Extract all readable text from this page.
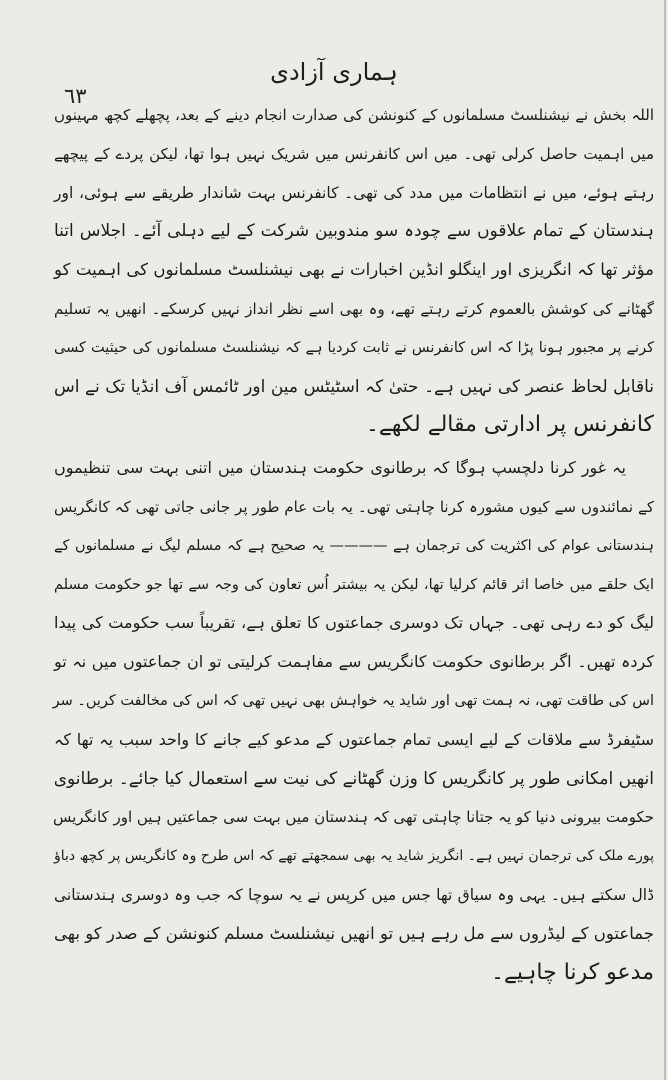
٦٣
ہماری آزادی
اللہ بخش نے نیشنلسٹ مسلمانوں کے کنونشن کی صدارت انجام دینے کے بعد، پچھلے کچھ مہینوں
میں اہمیت حاصل کرلی تھی۔ میں اس کانفرنس میں شریک نہیں ہوا تھا، لیکن پردے کے پیچھے
رہتے ہوئے، میں نے انتظامات میں مدد کی تھی۔ کانفرنس بہت شاندار طریقے سے ہوئی، اور
ہندستان کے تمام علاقوں سے چودہ سو مندوبین شرکت کے لیے دہلی آئے۔ اجلاس اتنا
مؤثر تھا کہ انگریزی اور اینگلو انڈین اخبارات نے بھی نیشنلسٹ مسلمانوں کی اہمیت کو
گھٹانے کی کوشش بالعموم کرتے رہتے تھے، وہ بھی اسے نظر انداز نہیں کرسکے۔ انھیں یہ تسلیم
کرنے پر مجبور ہونا پڑا کہ اس کانفرنس نے ثابت کردیا ہے کہ نیشنلسٹ مسلمانوں کی حیثیت کسی
ناقابل لحاظ عنصر کی نہیں ہے۔ حتیٰ کہ اسٹیٹس مین اور ٹائمس آف انڈیا تک نے اس
کانفرنس پر ادارتی مقالے لکھے۔
یہ غور کرنا دلچسپ ہوگا کہ برطانوی حکومت ہندستان میں اتنی بہت سی تنظیموں
کے نمائندوں سے کیوں مشورہ کرنا چاہتی تھی۔ یہ بات عام طور پر جانی جاتی تھی کہ کانگریس
ہندستانی عوام کی اکثریت کی ترجمان ہے ———— یہ صحیح ہے کہ مسلم لیگ نے مسلمانوں کے
ایک حلقے میں خاصا اثر قائم کرلیا تھا، لیکن یہ بیشتر اُس تعاون کی وجہ سے تھا جو حکومت مسلم
لیگ کو دے رہی تھی۔ جہاں تک دوسری جماعتوں کا تعلق ہے، تقریباً سب حکومت کی پیدا
کردہ تھیں۔ اگر برطانوی حکومت کانگریس سے مفاہمت کرلیتی تو ان جماعتوں میں نہ تو
اس کی طاقت تھی، نہ ہمت تھی اور شاید یہ خواہش بھی نہیں تھی کہ اس کی مخالفت کریں۔ سر
سٹیفرڈ سے ملاقات کے لیے ایسی تمام جماعتوں کے مدعو کیے جانے کا واحد سبب یہ تھا کہ
انھیں امکانی طور پر کانگریس کا وزن گھٹانے کی نیت سے استعمال کیا جائے۔ برطانوی
حکومت بیرونی دنیا کو یہ جتانا چاہتی تھی کہ ہندستان میں بہت سی جماعتیں ہیں اور کانگریس
پورے ملک کی ترجمان نہیں ہے۔ انگریز شاید یہ بھی سمجھتے تھے کہ اس طرح وہ کانگریس پر کچھ دباؤ
ڈال سکتے ہیں۔ یہی وہ سیاق تھا جس میں کرپس نے یہ سوچا کہ جب وہ دوسری ہندستانی
جماعتوں کے لیڈروں سے مل رہے ہیں تو انھیں نیشنلسٹ مسلم کنونشن کے صدر کو بھی
مدعو کرنا چاہیے۔
